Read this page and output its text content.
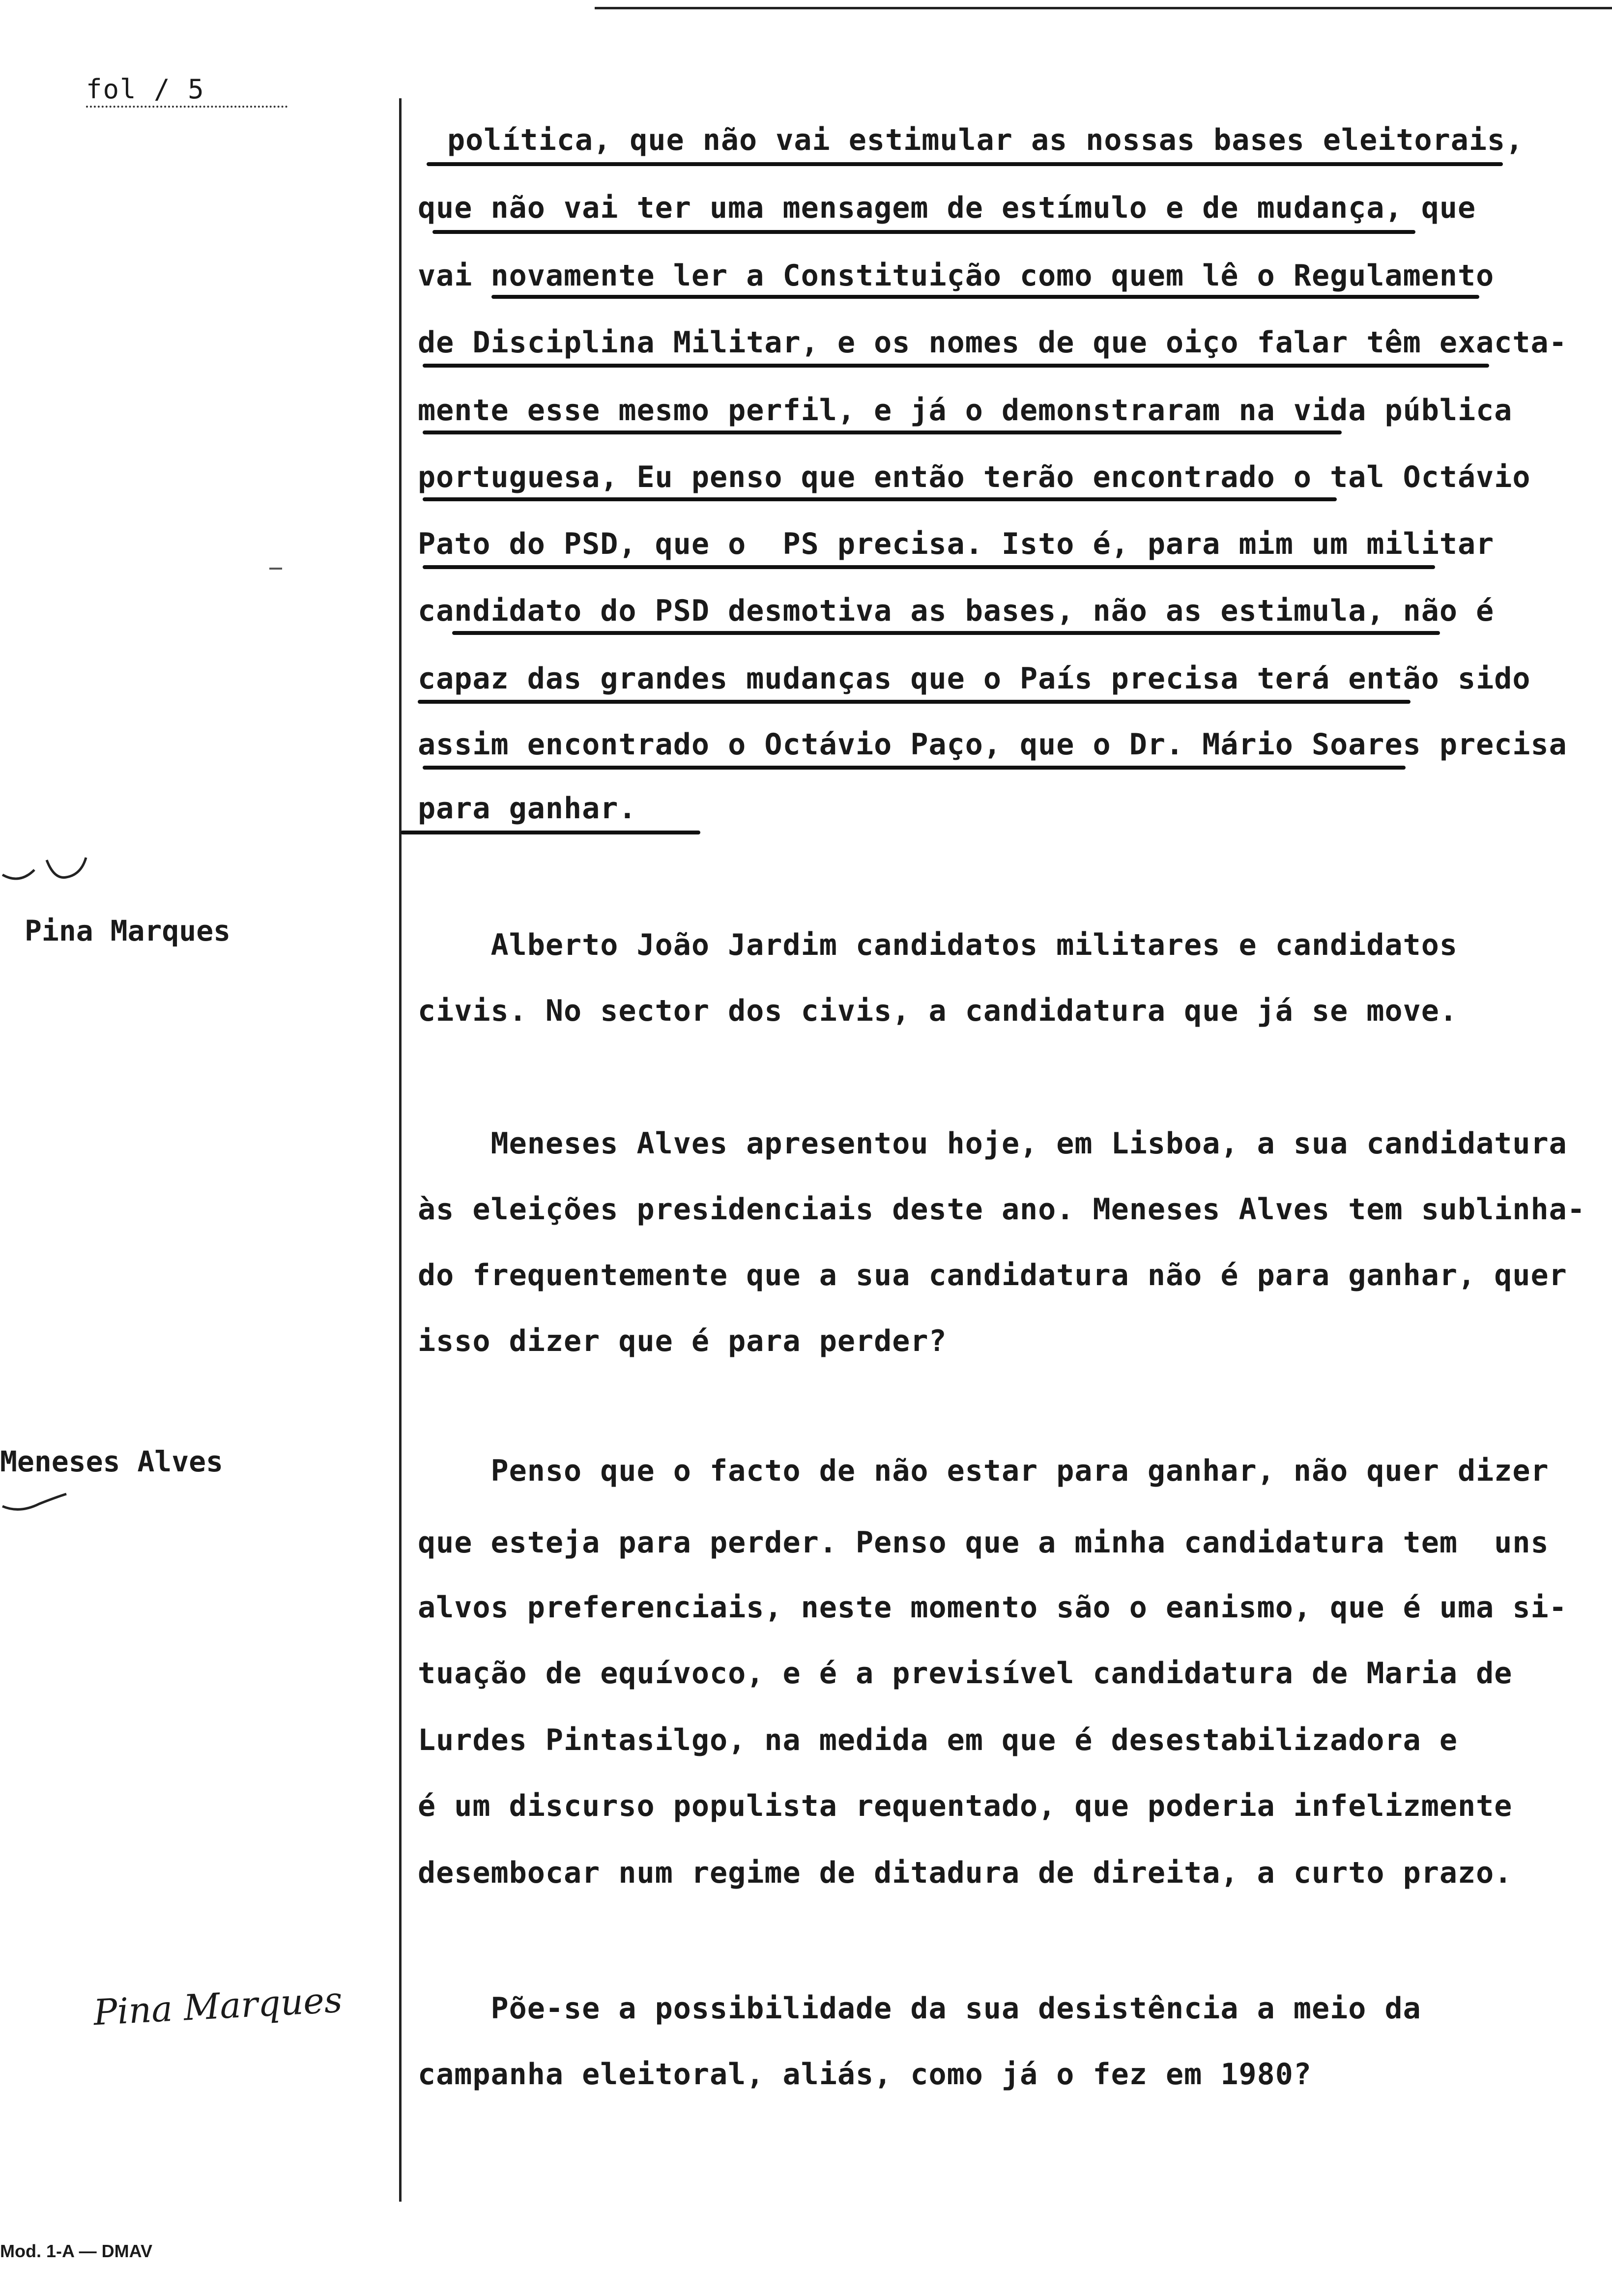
fol / 5
Pina Marques
Meneses Alves
Pina Marques
política, que não vai estimular as nossas bases eleitorais,
que não vai ter uma mensagem de estímulo e de mudança, que
vai novamente ler a Constituição como quem lê o Regulamento
de Disciplina Militar, e os nomes de que oiço falar têm exacta-
mente esse mesmo perfil, e já o demonstraram na vida pública
portuguesa, Eu penso que então terão encontrado o tal Octávio
Pato do PSD, que o  PS precisa. Isto é, para mim um militar
candidato do PSD desmotiva as bases, não as estimula, não é
capaz das grandes mudanças que o País precisa terá então sido
assim encontrado o Octávio Paço, que o Dr. Mário Soares precisa
para ganhar.
Alberto João Jardim candidatos militares e candidatos
civis. No sector dos civis, a candidatura que já se move.
Meneses Alves apresentou hoje, em Lisboa, a sua candidatura
às eleições presidenciais deste ano. Meneses Alves tem sublinha-
do frequentemente que a sua candidatura não é para ganhar, quer
isso dizer que é para perder?
Penso que o facto de não estar para ganhar, não quer dizer
que esteja para perder. Penso que a minha candidatura tem  uns
alvos preferenciais, neste momento são o eanismo, que é uma si-
tuação de equívoco, e é a previsível candidatura de Maria de
Lurdes Pintasilgo, na medida em que é desestabilizadora e
é um discurso populista requentado, que poderia infelizmente
desembocar num regime de ditadura de direita, a curto prazo.
Põe-se a possibilidade da sua desistência a meio da
campanha eleitoral, aliás, como já o fez em 1980?
Mod. 1-A — DMAV
